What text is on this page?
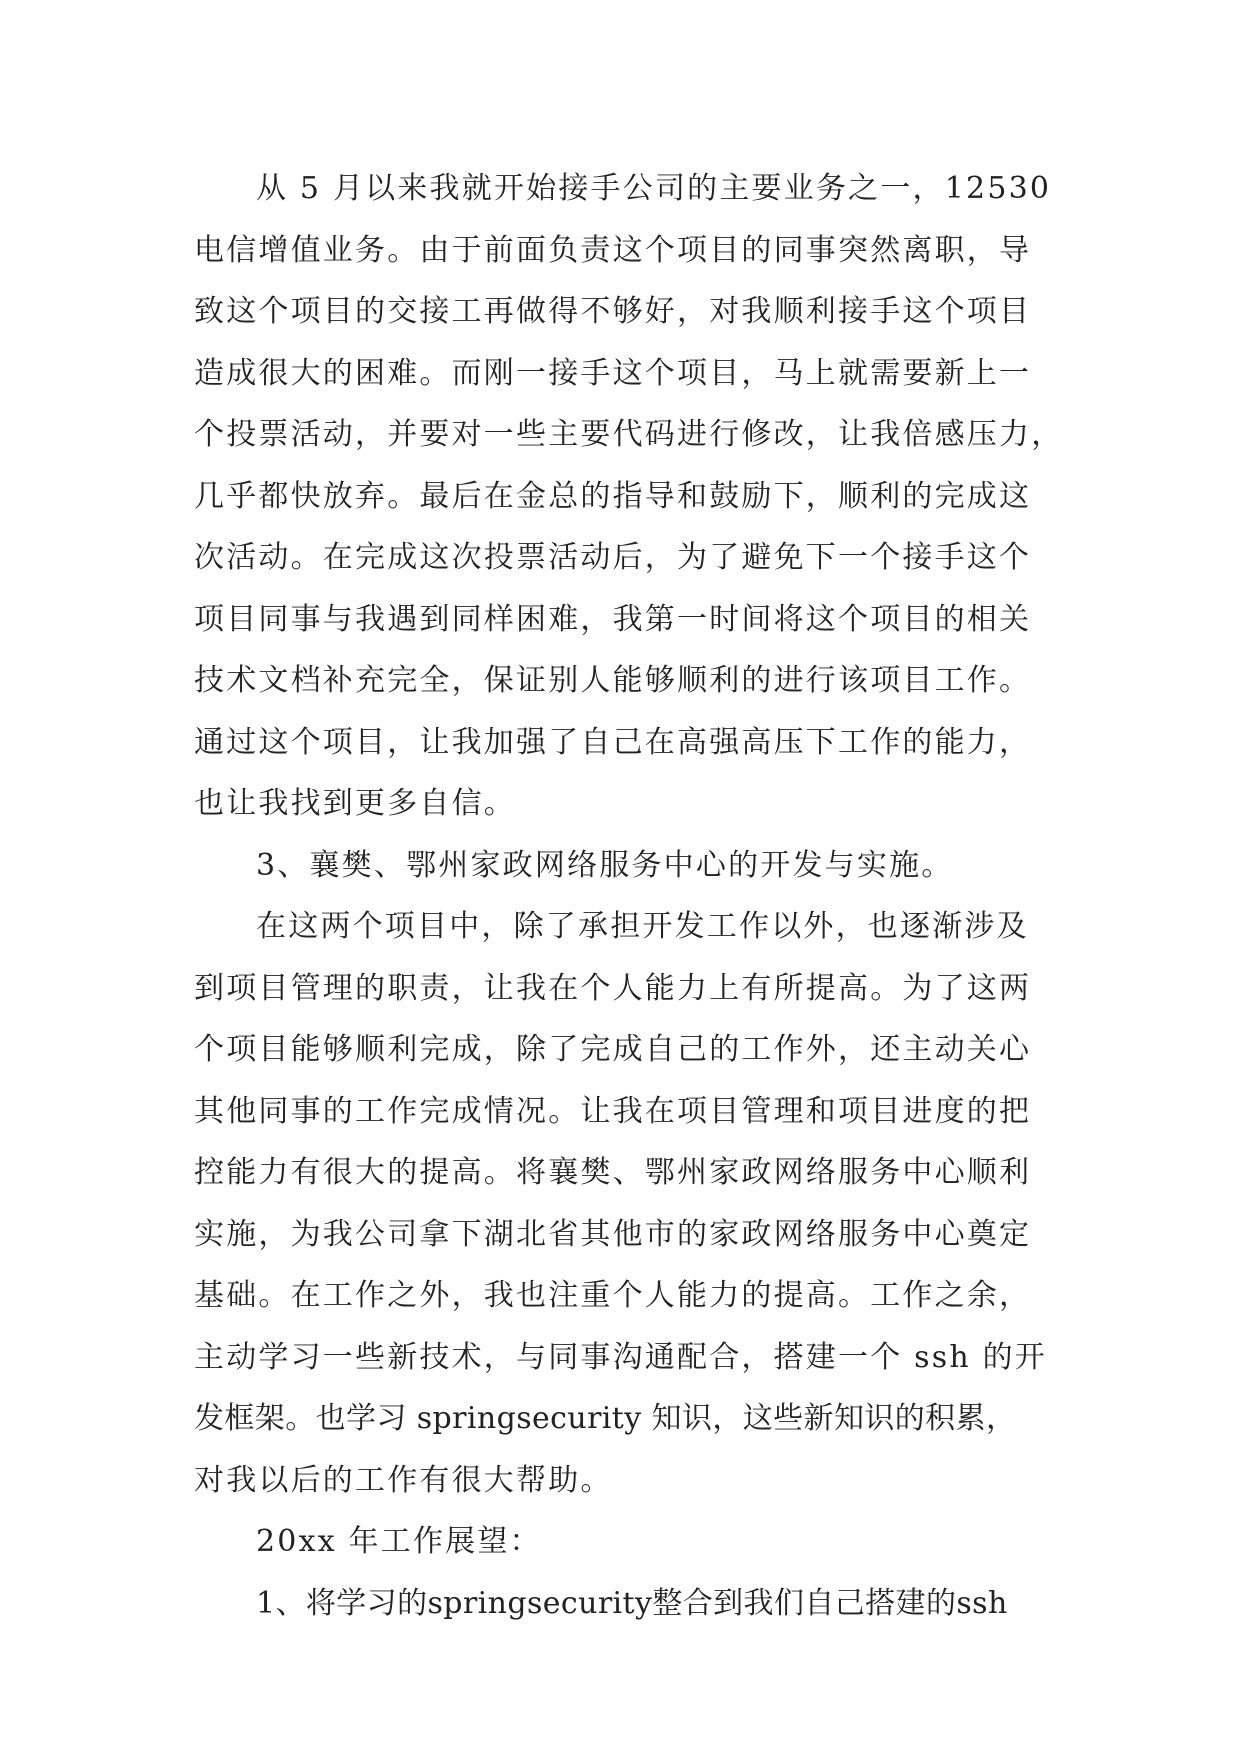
从 5 月以来我就开始接手公司的主要业务之一，12530
电信增值业务。由于前面负责这个项目的同事突然离职，导
致这个项目的交接工再做得不够好，对我顺利接手这个项目
造成很大的困难。而刚一接手这个项目，马上就需要新上一
个投票活动，并要对一些主要代码进行修改，让我倍感压力，
几乎都快放弃。最后在金总的指导和鼓励下，顺利的完成这
次活动。在完成这次投票活动后，为了避免下一个接手这个
项目同事与我遇到同样困难，我第一时间将这个项目的相关
技术文档补充完全，保证别人能够顺利的进行该项目工作。
通过这个项目，让我加强了自己在高强高压下工作的能力，
也让我找到更多自信。
3、襄樊、鄂州家政网络服务中心的开发与实施。
在这两个项目中，除了承担开发工作以外，也逐渐涉及
到项目管理的职责，让我在个人能力上有所提高。为了这两
个项目能够顺利完成，除了完成自己的工作外，还主动关心
其他同事的工作完成情况。让我在项目管理和项目进度的把
控能力有很大的提高。将襄樊、鄂州家政网络服务中心顺利
实施，为我公司拿下湖北省其他市的家政网络服务中心奠定
基础。在工作之外，我也注重个人能力的提高。工作之余，
主动学习一些新技术，与同事沟通配合，搭建一个 ssh 的开
发框架。也学习 springsecurity 知识，这些新知识的积累，
对我以后的工作有很大帮助。
20xx 年工作展望：
1、将学习的springsecurity整合到我们自己搭建的ssh
